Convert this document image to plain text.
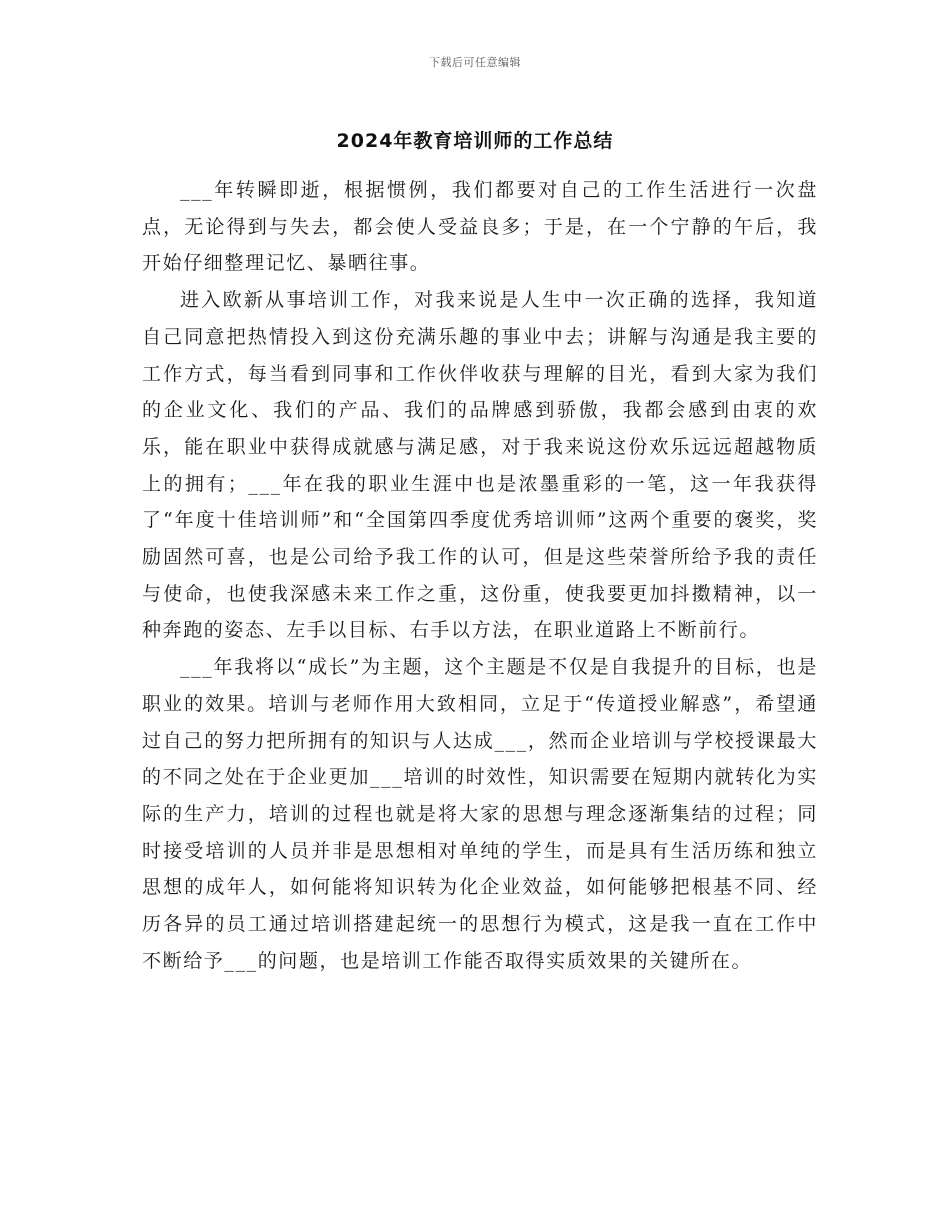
下载后可任意编辑
2024年教育培训师的工作总结

___年转瞬即逝，根据惯例，我们都要对自己的工作生活进行一次盘点，无论得到与失去，都会使人受益良多；于是，在一个宁静的午后，我开始仔细整理记忆、暴晒往事。

进入欧新从事培训工作，对我来说是人生中一次正确的选择，我知道自己同意把热情投入到这份充满乐趣的事业中去；讲解与沟通是我主要的工作方式，每当看到同事和工作伙伴收获与理解的目光，看到大家为我们的企业文化、我们的产品、我们的品牌感到骄傲，我都会感到由衷的欢乐，能在职业中获得成就感与满足感，对于我来说这份欢乐远远超越物质上的拥有；___年在我的职业生涯中也是浓墨重彩的一笔，这一年我获得了“年度十佳培训师”和“全国第四季度优秀培训师”这两个重要的褒奖，奖励固然可喜，也是公司给予我工作的认可，但是这些荣誉所给予我的责任与使命，也使我深感未来工作之重，这份重，使我要更加抖擞精神，以一种奔跑的姿态、左手以目标、右手以方法，在职业道路上不断前行。

___年我将以“成长”为主题，这个主题是不仅是自我提升的目标，也是职业的效果。培训与老师作用大致相同，立足于“传道授业解惑”，希望通过自己的努力把所拥有的知识与人达成___，然而企业培训与学校授课最大的不同之处在于企业更加___培训的时效性，知识需要在短期内就转化为实际的生产力，培训的过程也就是将大家的思想与理念逐渐集结的过程；同时接受培训的人员并非是思想相对单纯的学生，而是具有生活历练和独立思想的成年人，如何能将知识转为化企业效益，如何能够把根基不同、经历各异的员工通过培训搭建起统一的思想行为模式，这是我一直在工作中不断给予___的问题，也是培训工作能否取得实质效果的关键所在。
